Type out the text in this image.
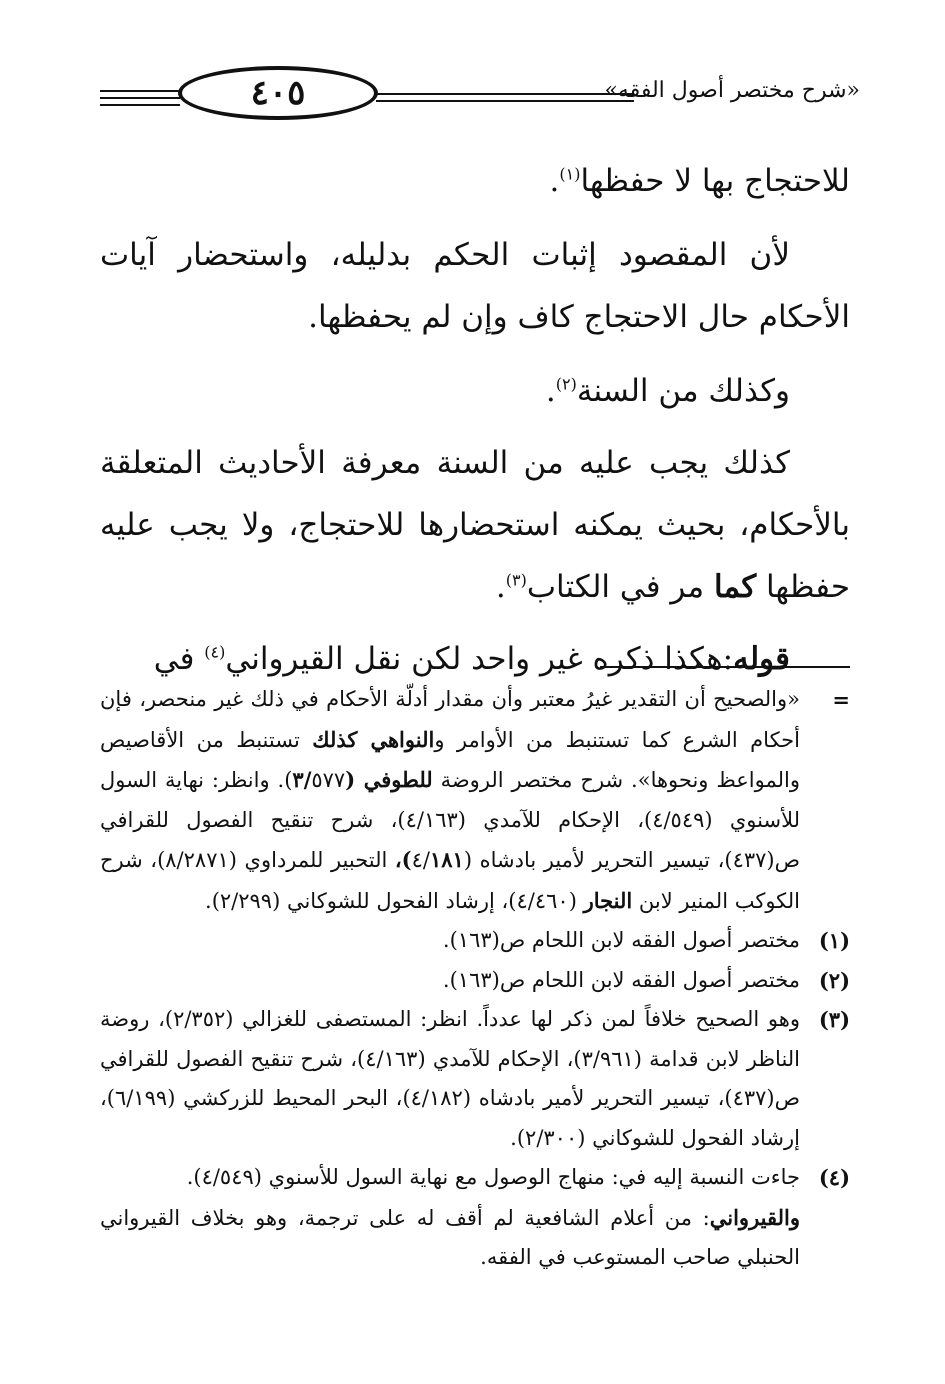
٤٠٥	«شرح مختصر أصول الفقه»

للاحتجاج بها لا حفظها$^{(١)}$.

لأن المقصود إثبات الحكم بدليله، واستحضار آيات الأحكام حال الاحتجاج كاف وإن لم يحفظها.

وكذلك من السنة$^{(٢)}$.

كذلك يجب عليه من السنة معرفة الأحاديث المتعلقة بالأحكام، بحيث يمكنه استحضارها للاحتجاج، ولا يجب عليه حفظها كما مر في الكتاب$^{(٣)}$.

قوله:هكذا ذكره غير واحد لكن نقل القيرواني$^{(٤)}$ في

=
«والصحيح أن التقدير غيرُ معتبر وأن مقدار أدلّة الأحكام في ذلك غير منحصر، فإن أحكام الشرع كما تستنبط من الأوامر والنواهي كذلك تستنبط من الأقاصيص والمواعظ ونحوها». شرح مختصر الروضة للطوفي (٣/٥٧٧). وانظر: نهاية السول للأسنوي (٤/٥٤٩)، الإحكام للآمدي (٤/١٦٣)، شرح تنقيح الفصول للقرافي ص(٤٣٧)، تيسير التحرير لأمير بادشاه (٤/١٨١)، التحبير للمرداوي (٨/٢٨٧١)، شرح الكوكب المنير لابن النجار (٤/٤٦٠)، إرشاد الفحول للشوكاني (٢/٢٩٩).

(١)
مختصر أصول الفقه لابن اللحام ص(١٦٣).

(٢)
مختصر أصول الفقه لابن اللحام ص(١٦٣).

(٣)
وهو الصحيح خلافاً لمن ذكر لها عدداً. انظر: المستصفى للغزالي (٢/٣٥٢)، روضة الناظر لابن قدامة (٣/٩٦١)، الإحكام للآمدي (٤/١٦٣)، شرح تنقيح الفصول للقرافي ص(٤٣٧)، تيسير التحرير لأمير بادشاه (٤/١٨٢)، البحر المحيط للزركشي (٦/١٩٩)، إرشاد الفحول للشوكاني (٢/٣٠٠).

(٤)
جاءت النسبة إليه في: منهاج الوصول مع نهاية السول للأسنوي (٤/٥٤٩).
والقيرواني: من أعلام الشافعية لم أقف له على ترجمة، وهو بخلاف القيرواني الحنبلي صاحب المستوعب في الفقه.
